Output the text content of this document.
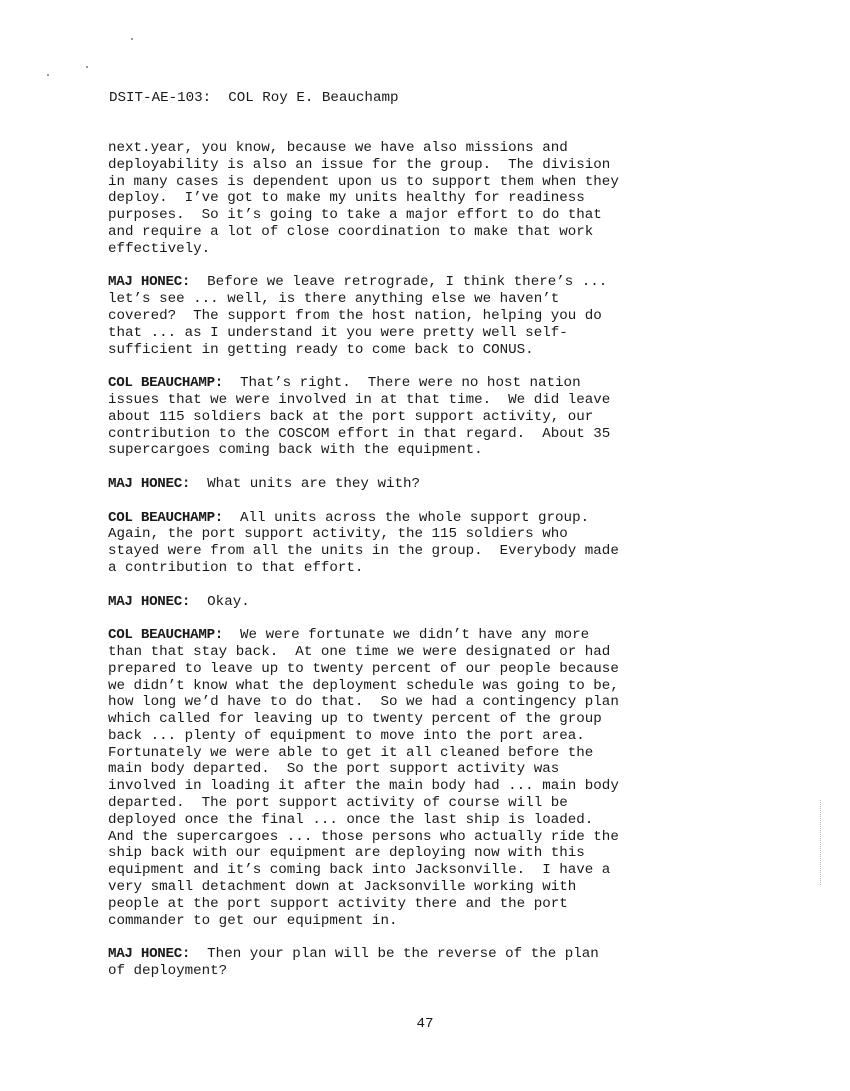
DSIT-AE-103: COL Roy E. Beauchamp

next.year, you know, because we have also missions and
deployability is also an issue for the group.  The division
in many cases is dependent upon us to support them when they
deploy.  I’ve got to make my units healthy for readiness
purposes.  So it’s going to take a major effort to do that
and require a lot of close coordination to make that work
effectively.

MAJ HONEC:  Before we leave retrograde, I think there’s ...
let’s see ... well, is there anything else we haven’t
covered?  The support from the host nation, helping you do
that ... as I understand it you were pretty well self-
sufficient in getting ready to come back to CONUS.

COL BEAUCHAMP:  That’s right.  There were no host nation
issues that we were involved in at that time.  We did leave
about 115 soldiers back at the port support activity, our
contribution to the COSCOM effort in that regard.  About 35
supercargoes coming back with the equipment.

MAJ HONEC:  What units are they with?

COL BEAUCHAMP:  All units across the whole support group.
Again, the port support activity, the 115 soldiers who
stayed were from all the units in the group.  Everybody made
a contribution to that effort.

MAJ HONEC:  Okay.

COL BEAUCHAMP:  We were fortunate we didn’t have any more
than that stay back.  At one time we were designated or had
prepared to leave up to twenty percent of our people because
we didn’t know what the deployment schedule was going to be,
how long we’d have to do that.  So we had a contingency plan
which called for leaving up to twenty percent of the group
back ... plenty of equipment to move into the port area.
Fortunately we were able to get it all cleaned before the
main body departed.  So the port support activity was
involved in loading it after the main body had ... main body
departed.  The port support activity of course will be
deployed once the final ... once the last ship is loaded.
And the supercargoes ... those persons who actually ride the
ship back with our equipment are deploying now with this
equipment and it’s coming back into Jacksonville.  I have a
very small detachment down at Jacksonville working with
people at the port support activity there and the port
commander to get our equipment in.

MAJ HONEC:  Then your plan will be the reverse of the plan
of deployment?

47
